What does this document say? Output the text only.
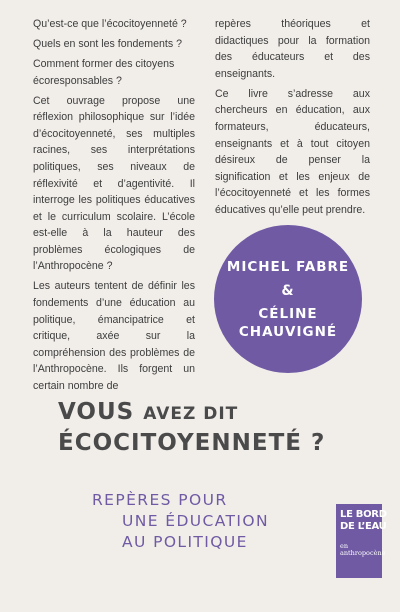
Qu’est-ce que l’écocitoyenneté ?

Quels en sont les fondements ?

Comment former des citoyens écoresponsables ?

Cet ouvrage propose une réflexion philosophique sur l’idée d’écocitoyenneté, ses multiples racines, ses interprétations politiques, ses niveaux de réflexivité et d’agentivité. Il interroge les politiques éducatives et le curriculum scolaire. L’école est-elle à la hauteur des problèmes écologiques de l’Anthropocène ?

Les auteurs tentent de définir les fondements d’une éducation au politique, émancipatrice et critique, axée sur la compréhension des problèmes de l’Anthropocène. Ils forgent un certain nombre de

repères théoriques et didactiques pour la formation des éducateurs et des enseignants.

Ce livre s’adresse aux chercheurs en éducation, aux formateurs, éducateurs, enseignants et à tout citoyen désireux de penser la signification et les enjeux de l’écocitoyenneté et les formes éducatives qu’elle peut prendre.

MICHEL FABRE
&
CÉLINE
CHAUVIGNÉ
VOUS AVEZ DIT
ÉCOCITOYENNETÉ ?
REPÈRES POUR
UNE ÉDUCATION
AU POLITIQUE
LE BORD
DE L’EAU
en
anthropocène
